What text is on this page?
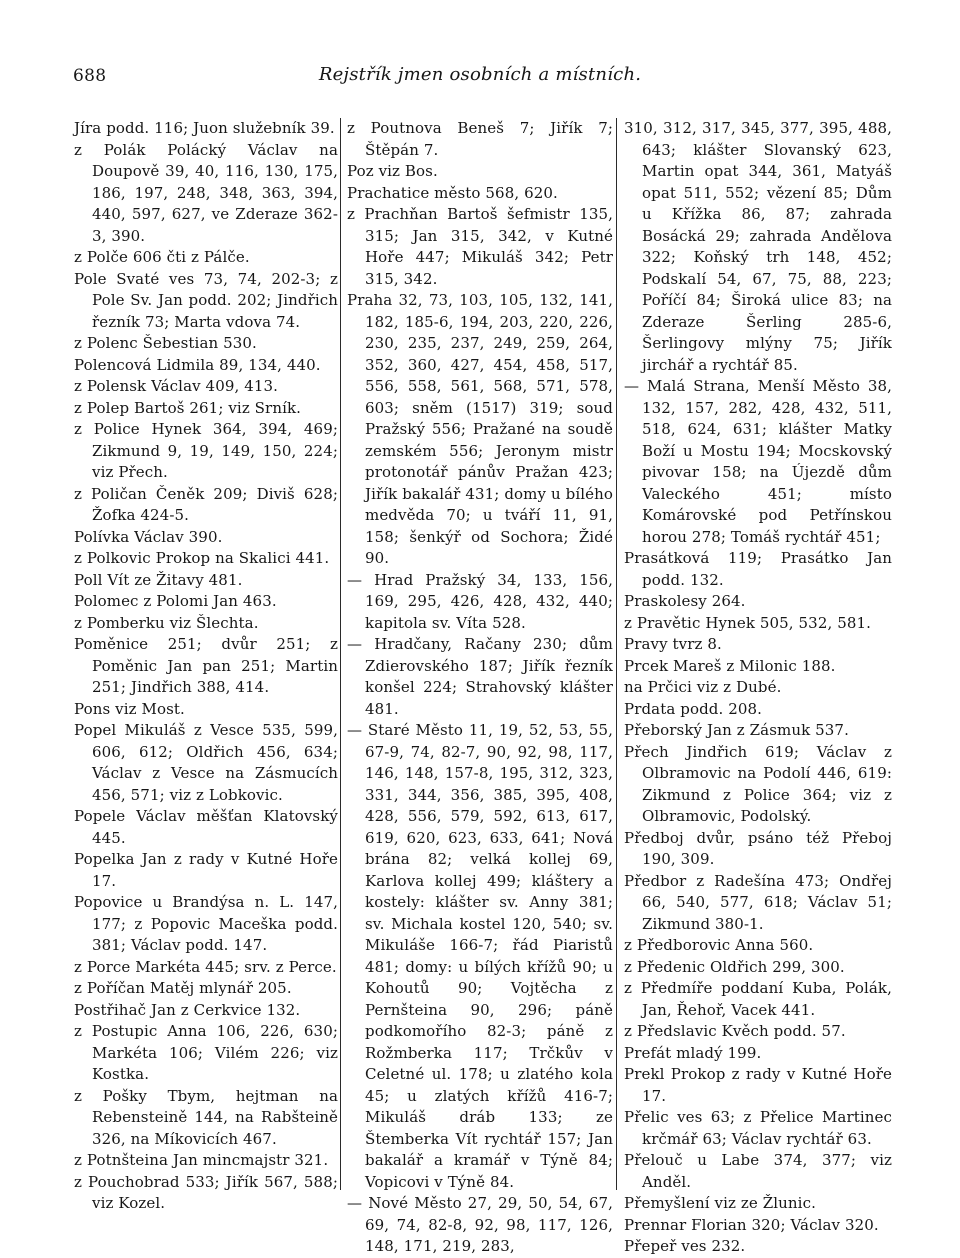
688	Rejstřík jmen osobních a místních.

Jíra podd. 116; Juon služebník 39.

z Polák Polácký Václav na Doupově 39, 40, 116, 130, 175, 186, 197, 248, 348, 363, 394, 440, 597, 627, ve Zderaze 362-3, 390.

z Polče 606 čti z Pálče.

Pole Svaté ves 73, 74, 202-3; z Pole Sv. Jan podd. 202; Jindřich řezník 73; Marta vdova 74.

z Polenc Šebestian 530.

Polencová Lidmila 89, 134, 440.

z Polensk Václav 409, 413.

z Polep Bartoš 261; viz Srník.

z Police Hynek 364, 394, 469; Zikmund 9, 19, 149, 150, 224; viz Přech.

z Poličan Čeněk 209; Diviš 628; Žofka 424-5.

Polívka Václav 390.

z Polkovic Prokop na Skalici 441.

Poll Vít ze Žitavy 481.

Polomec z Polomi Jan 463.

z Pomberku viz Šlechta.

Poměnice 251; dvůr 251; z Poměnic Jan pan 251; Martin 251; Jindřich 388, 414.

Pons viz Most.

Popel Mikuláš z Vesce 535, 599, 606, 612; Oldřich 456, 634; Václav z Vesce na Zásmucích 456, 571; viz z Lobkovic.

Popele Václav měšťan Klatovský 445.

Popelka Jan z rady v Kutné Hoře 17.

Popovice u Brandýsa n. L. 147, 177; z Popovic Maceška podd. 381; Václav podd. 147.

z Porce Markéta 445; srv. z Perce.

z Poříčan Matěj mlynář 205.

Postřihač Jan z Cerkvice 132.

z Postupic Anna 106, 226, 630; Markéta 106; Vilém 226; viz Kostka.

z Pošky Tbym, hejtman na Rebensteině 144, na Rabšteině 326, na Míkovicích 467.

z Potnšteina Jan mincmajstr 321.

z Pouchobrad 533; Jiřík 567, 588; viz Kozel.

z Poutnova Beneš 7; Jiřík 7; Štěpán 7.

Poz viz Bos.

Prachatice město 568, 620.

z Prachňan Bartoš šefmistr 135, 315; Jan 315, 342, v Kutné Hoře 447; Mikuláš 342; Petr 315, 342.

Praha 32, 73, 103, 105, 132, 141, 182, 185-6, 194, 203, 220, 226, 230, 235, 237, 249, 259, 264, 352, 360, 427, 454, 458, 517, 556, 558, 561, 568, 571, 578, 603; sněm (1517) 319; soud Pražský 556; Pražané na soudě zemském 556; Jeronym mistr protonotář pánův Pražan 423; Jiřík bakalář 431; domy u bílého medvěda 70; u tváří 11, 91, 158; šenkýř od Sochora; Židé 90.

— Hrad Pražský 34, 133, 156, 169, 295, 426, 428, 432, 440; kapitola sv. Víta 528.

— Hradčany, Račany 230; dům Zdierovského 187; Jiřík řezník konšel 224; Strahovský klášter 481.

— Staré Město 11, 19, 52, 53, 55, 67-9, 74, 82-7, 90, 92, 98, 117, 146, 148, 157-8, 195, 312, 323, 331, 344, 356, 385, 395, 408, 428, 556, 579, 592, 613, 617, 619, 620, 623, 633, 641; Nová brána 82; velká kollej 69, Karlova kollej 499; kláštery a kostely: klášter sv. Anny 381; sv. Michala kostel 120, 540; sv. Mikuláše 166-7; řád Piaristů 481; domy: u bílých křížů 90; u Kohoutů 90; Vojtěcha z Pernšteina 90, 296; páně podkomořího 82-3; páně z Rožmberka 117; Trčkův v Celetné ul. 178; u zlatého kola 45; u zlatých křížů 416-7; Mikuláš dráb 133; ze Štemberka Vít rychtář 157; Jan bakalář a kramář v Týně 84; Vopicovi v Týně 84.

— Nové Město 27, 29, 50, 54, 67, 69, 74, 82-8, 92, 98, 117, 126, 148, 171, 219, 283,

310, 312, 317, 345, 377, 395, 488, 643; klášter Slovanský 623, Martin opat 344, 361, Matyáš opat 511, 552; vězení 85; Dům u Křížka 86, 87; zahrada Bosácká 29; zahrada Andělova 322; Koňský trh 148, 452; Podskalí 54, 67, 75, 88, 223; Poříčí 84; Široká ulice 83; na Zderaze Šerling 285-6, Šerlingovy mlýny 75; Jiřík jirchář a rychtář 85.

— Malá Strana, Menší Město 38, 132, 157, 282, 428, 432, 511, 518, 624, 631; klášter Matky Boží u Mostu 194; Mocskovský pivovar 158; na Újezdě dům Valeckého 451; místo Komárovské pod Petřínskou horou 278; Tomáš rychtář 451;

Prasátková 119; Prasátko Jan podd. 132.

Praskolesy 264.

z Pravětic Hynek 505, 532, 581.

Pravy tvrz 8.

Prcek Mareš z Milonic 188.

na Prčici viz z Dubé.

Prdata podd. 208.

Přeborský Jan z Zásmuk 537.

Přech Jindřich 619; Václav z Olbramovic na Podolí 446, 619: Zikmund z Police 364; viz z Olbramovic, Podolský.

Předboj dvůr, psáno též Přeboj 190, 309.

Předbor z Radešína 473; Ondřej 66, 540, 577, 618; Václav 51; Zikmund 380-1.

z Předborovic Anna 560.

z Předenic Oldřich 299, 300.

z Předmíře poddaní Kuba, Polák, Jan, Řehoř, Vacek 441.

z Předslavic Kvěch podd. 57.

Prefát mladý 199.

Prekl Prokop z rady v Kutné Hoře 17.

Přelic ves 63; z Přelice Martinec krčmář 63; Václav rychtář 63.

Přelouč u Labe 374, 377; viz Anděl.

Přemyšlení viz ze Žlunic.

Prennar Florian 320; Václav 320.

Přepeř ves 232.
